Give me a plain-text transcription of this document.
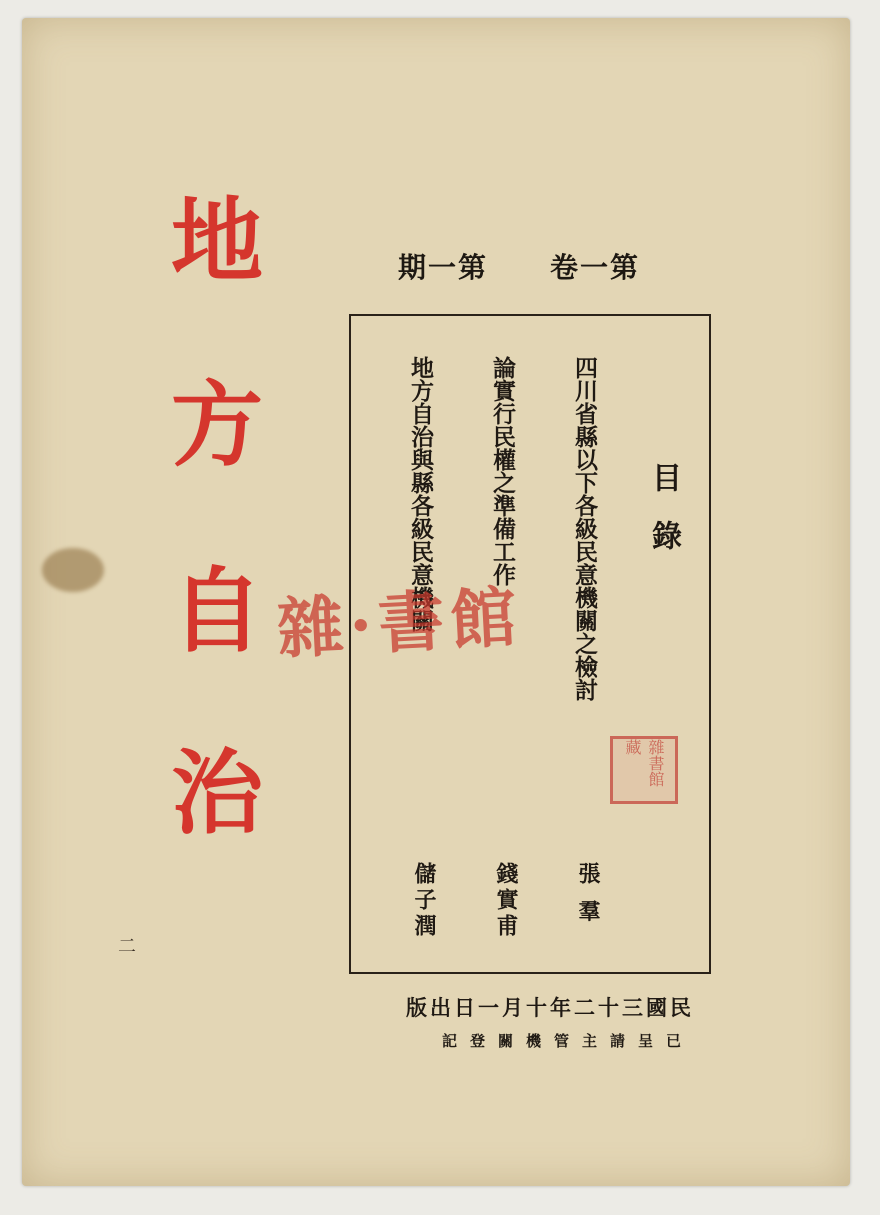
地
方
自
治
第一卷
第一期
目錄
四川省縣以下各級民意機關之檢討
張 羣
論實行民權之準備工作
錢實甫
地方自治與縣各級民意機關
儲子潤
雜書館藏
雜·書館
民國三十二年十月一日出版
已呈請主管機關登記
二
